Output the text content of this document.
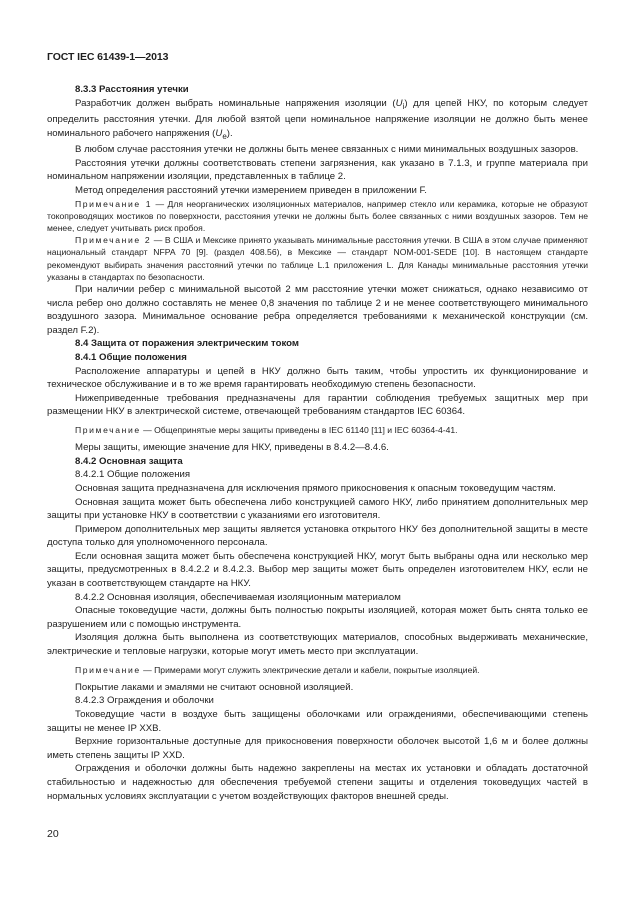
ГОСТ IEC 61439-1—2013

8.3.3 Расстояния утечки

Разработчик должен выбрать номинальные напряжения изоляции $(U_i)$ для цепей НКУ, по которым следует определить расстояния утечки. Для любой взятой цепи номинальное напряжение изоляции не должно быть менее номинального рабочего напряжения $(U_e)$.

В любом случае расстояния утечки не должны быть менее связанных с ними минимальных воздушных зазоров.

Расстояния утечки должны соответствовать степени загрязнения, как указано в 7.1.3, и группе материала при номинальном напряжении изоляции, представленных в таблице 2.

Метод определения расстояний утечки измерением приведен в приложении F.

Примечание 1 — Для неорганических изоляционных материалов, например стекло или керамика, которые не образуют токопроводящих мостиков по поверхности, расстояния утечки не должны быть более связанных с ними воздушных зазоров. Тем не менее, следует учитывать риск пробоя.

Примечание 2 — В США и Мексике принято указывать минимальные расстояния утечки. В США в этом случае применяют национальный стандарт NFPA 70 [9]. (раздел 408.56), в Мексике — стандарт NOM-001-SEDE [10]. В настоящем стандарте рекомендуют выбирать значения расстояний утечки по таблице L.1 приложения L. Для Канады минимальные расстояния утечки указаны в стандартах по безопасности.

При наличии ребер с минимальной высотой 2 мм расстояние утечки может снижаться, однако независимо от числа ребер оно должно составлять не менее 0,8 значения по таблице 2 и не менее соответствующего минимального воздушного зазора. Минимальное основание ребра определяется требованиями к механической конструкции (см. раздел F.2).

8.4 Защита от поражения электрическим током

8.4.1 Общие положения

Расположение аппаратуры и цепей в НКУ должно быть таким, чтобы упростить их функционирование и техническое обслуживание и в то же время гарантировать необходимую степень безопасности.

Нижеприведенные требования предназначены для гарантии соблюдения требуемых защитных мер при размещении НКУ в электрической системе, отвечающей требованиям стандартов IEC 60364.

Примечание — Общепринятые меры защиты приведены в IEC 61140 [11] и IEC 60364-4-41.

Меры защиты, имеющие значение для НКУ, приведены в 8.4.2—8.4.6.

8.4.2 Основная защита

8.4.2.1 Общие положения

Основная защита предназначена для исключения прямого прикосновения к опасным токоведущим частям.

Основная защита может быть обеспечена либо конструкцией самого НКУ, либо принятием дополнительных мер защиты при установке НКУ в соответствии с указаниями его изготовителя.

Примером дополнительных мер защиты является установка открытого НКУ без дополнительной защиты в месте доступа только для уполномоченного персонала.

Если основная защита может быть обеспечена конструкцией НКУ, могут быть выбраны одна или несколько мер защиты, предусмотренных в 8.4.2.2 и 8.4.2.3. Выбор мер защиты может быть определен изготовителем НКУ, если не указан в соответствующем стандарте на НКУ.

8.4.2.2 Основная изоляция, обеспечиваемая изоляционным материалом

Опасные токоведущие части, должны быть полностью покрыты изоляцией, которая может быть снята только ее разрушением или с помощью инструмента.

Изоляция должна быть выполнена из соответствующих материалов, способных выдерживать механические, электрические и тепловые нагрузки, которые могут иметь место при эксплуатации.

Примечание — Примерами могут служить электрические детали и кабели, покрытые изоляцией.

Покрытие лаками и эмалями не считают основной изоляцией.

8.4.2.3 Ограждения и оболочки

Токоведущие части в воздухе быть защищены оболочками или ограждениями, обеспечивающими степень защиты не менее IP XXB.

Верхние горизонтальные доступные для прикосновения поверхности оболочек высотой 1,6 м и более должны иметь степень защиты IP XXD.

Ограждения и оболочки должны быть надежно закреплены на местах их установки и обладать достаточной стабильностью и надежностью для обеспечения требуемой степени защиты и отделения токоведущих частей в нормальных условиях эксплуатации с учетом воздействующих факторов внешней среды.

20
